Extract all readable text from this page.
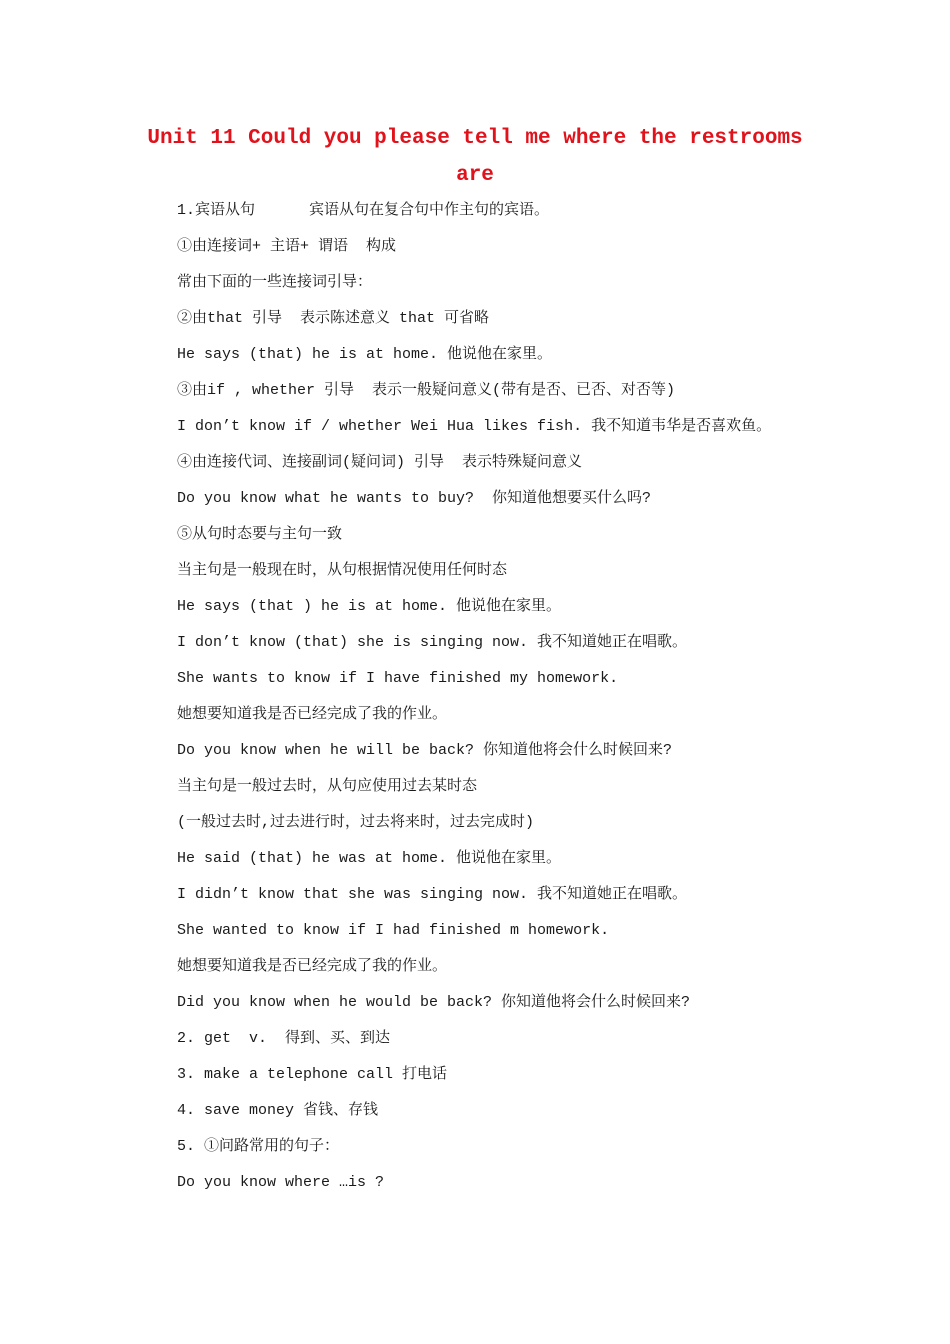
Unit 11 Could you please tell me where the restrooms
are
1.宾语从句      宾语从句在复合句中作主句的宾语。
①由连接词+ 主语+ 谓语  构成
常由下面的一些连接词引导：
②由that 引导  表示陈述意义 that 可省略
He says (that) he is at home. 他说他在家里。
③由if , whether 引导  表示一般疑问意义(带有是否、已否、对否等)
I don’t know if / whether Wei Hua likes fish. 我不知道韦华是否喜欢鱼。
④由连接代词、连接副词(疑问词) 引导  表示特殊疑问意义
Do you know what he wants to buy?  你知道他想要买什么吗?
⑤从句时态要与主句一致
当主句是一般现在时，从句根据情况使用任何时态
He says (that ) he is at home. 他说他在家里。
I don’t know (that) she is singing now. 我不知道她正在唱歌。
She wants to know if I have finished my homework.
她想要知道我是否已经完成了我的作业。
Do you know when he will be back? 你知道他将会什么时候回来?
当主句是一般过去时，从句应使用过去某时态
(一般过去时,过去进行时，过去将来时，过去完成时)
He said (that) he was at home. 他说他在家里。
I didn’t know that she was singing now. 我不知道她正在唱歌。
She wanted to know if I had finished m homework.
她想要知道我是否已经完成了我的作业。
Did you know when he would be back? 你知道他将会什么时候回来?
2. get  v.  得到、买、到达
3. make a telephone call 打电话
4. save money 省钱、存钱
5. ①问路常用的句子：
Do you know where …is ?
